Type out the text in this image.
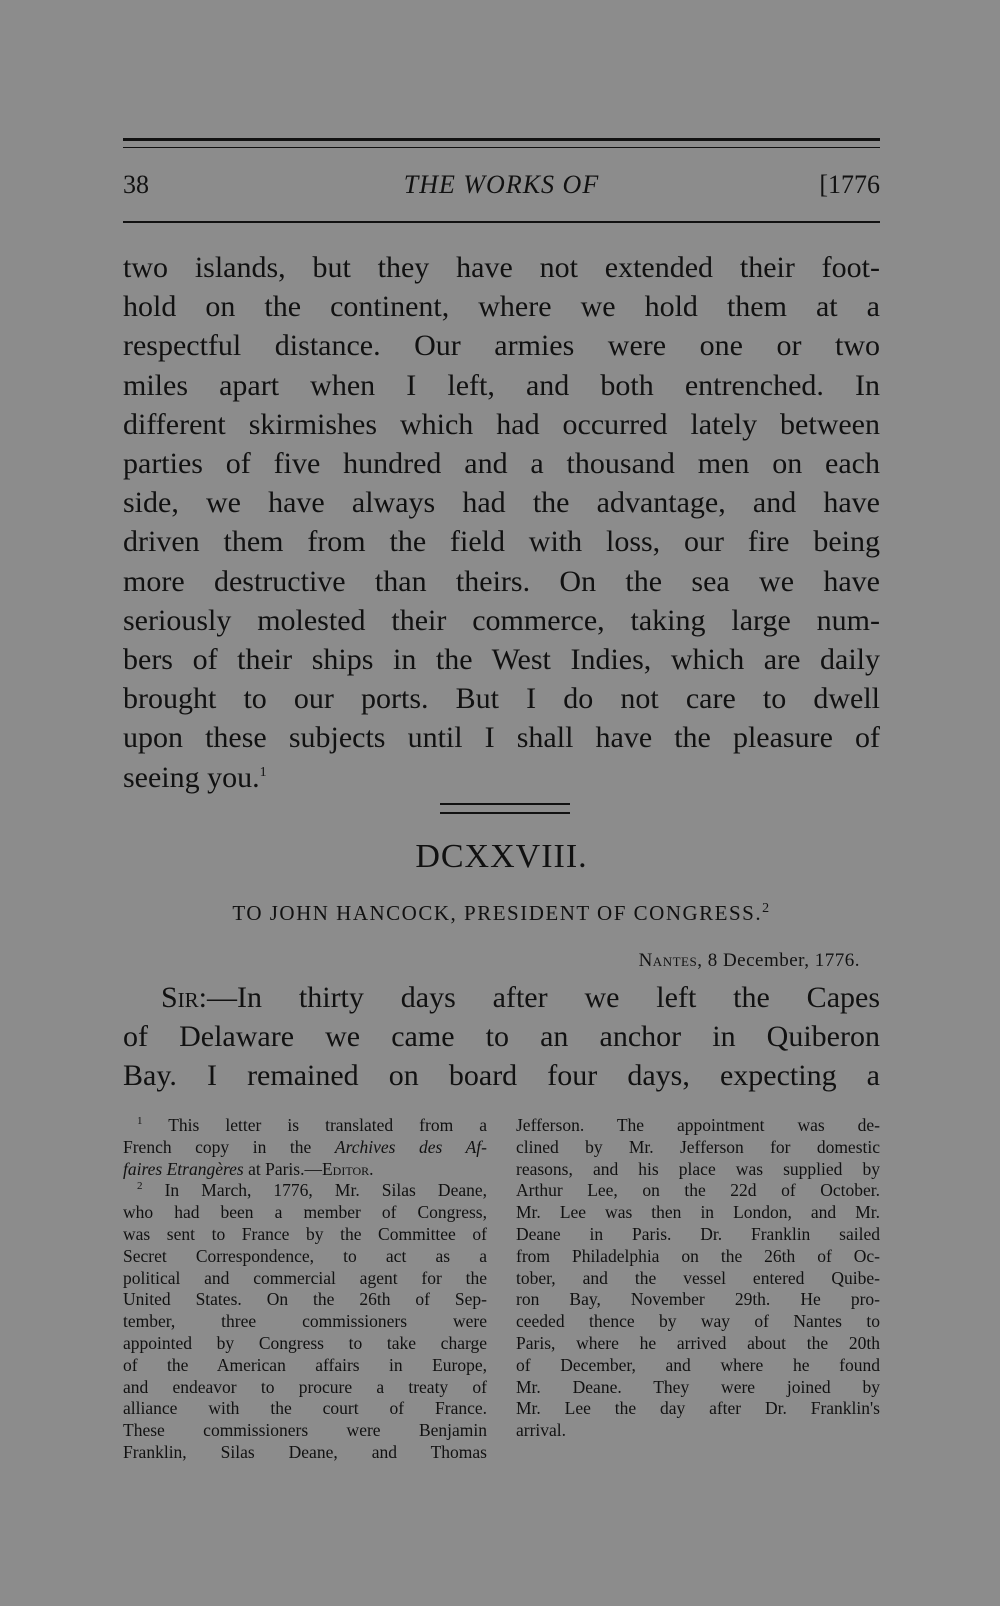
38	THE WORKS OF	[1776
two islands, but they have not extended their foot-
hold on the continent, where we hold them at a
respectful distance. Our armies were one or two
miles apart when I left, and both entrenched. In
different skirmishes which had occurred lately between
parties of five hundred and a thousand men on each
side, we have always had the advantage, and have
driven them from the field with loss, our fire being
more destructive than theirs. On the sea we have
seriously molested their commerce, taking large num-
bers of their ships in the West Indies, which are daily
brought to our ports. But I do not care to dwell
upon these subjects until I shall have the pleasure of
seeing you.$^1$
DCXXVIII.
TO JOHN HANCOCK, PRESIDENT OF CONGRESS.$^2$
Nantes, 8 December, 1776.
Sir:—In thirty days after we left the Capes
of Delaware we came to an anchor in Quiberon
Bay. I remained on board four days, expecting a
$^1$ This letter is translated from a
French copy in the Archives des Af-
faires Etrangères at Paris.—Editor.
$^2$ In March, 1776, Mr. Silas Deane,
who had been a member of Congress,
was sent to France by the Committee of
Secret Correspondence, to act as a
political and commercial agent for the
United States. On the 26th of Sep-
tember, three commissioners were
appointed by Congress to take charge
of the American affairs in Europe,
and endeavor to procure a treaty of
alliance with the court of France.
These commissioners were Benjamin
Franklin, Silas Deane, and Thomas
Jefferson. The appointment was de-
clined by Mr. Jefferson for domestic
reasons, and his place was supplied by
Arthur Lee, on the 22d of October.
Mr. Lee was then in London, and Mr.
Deane in Paris. Dr. Franklin sailed
from Philadelphia on the 26th of Oc-
tober, and the vessel entered Quibe-
ron Bay, November 29th. He pro-
ceeded thence by way of Nantes to
Paris, where he arrived about the 20th
of December, and where he found
Mr. Deane. They were joined by
Mr. Lee the day after Dr. Franklin's
arrival.
